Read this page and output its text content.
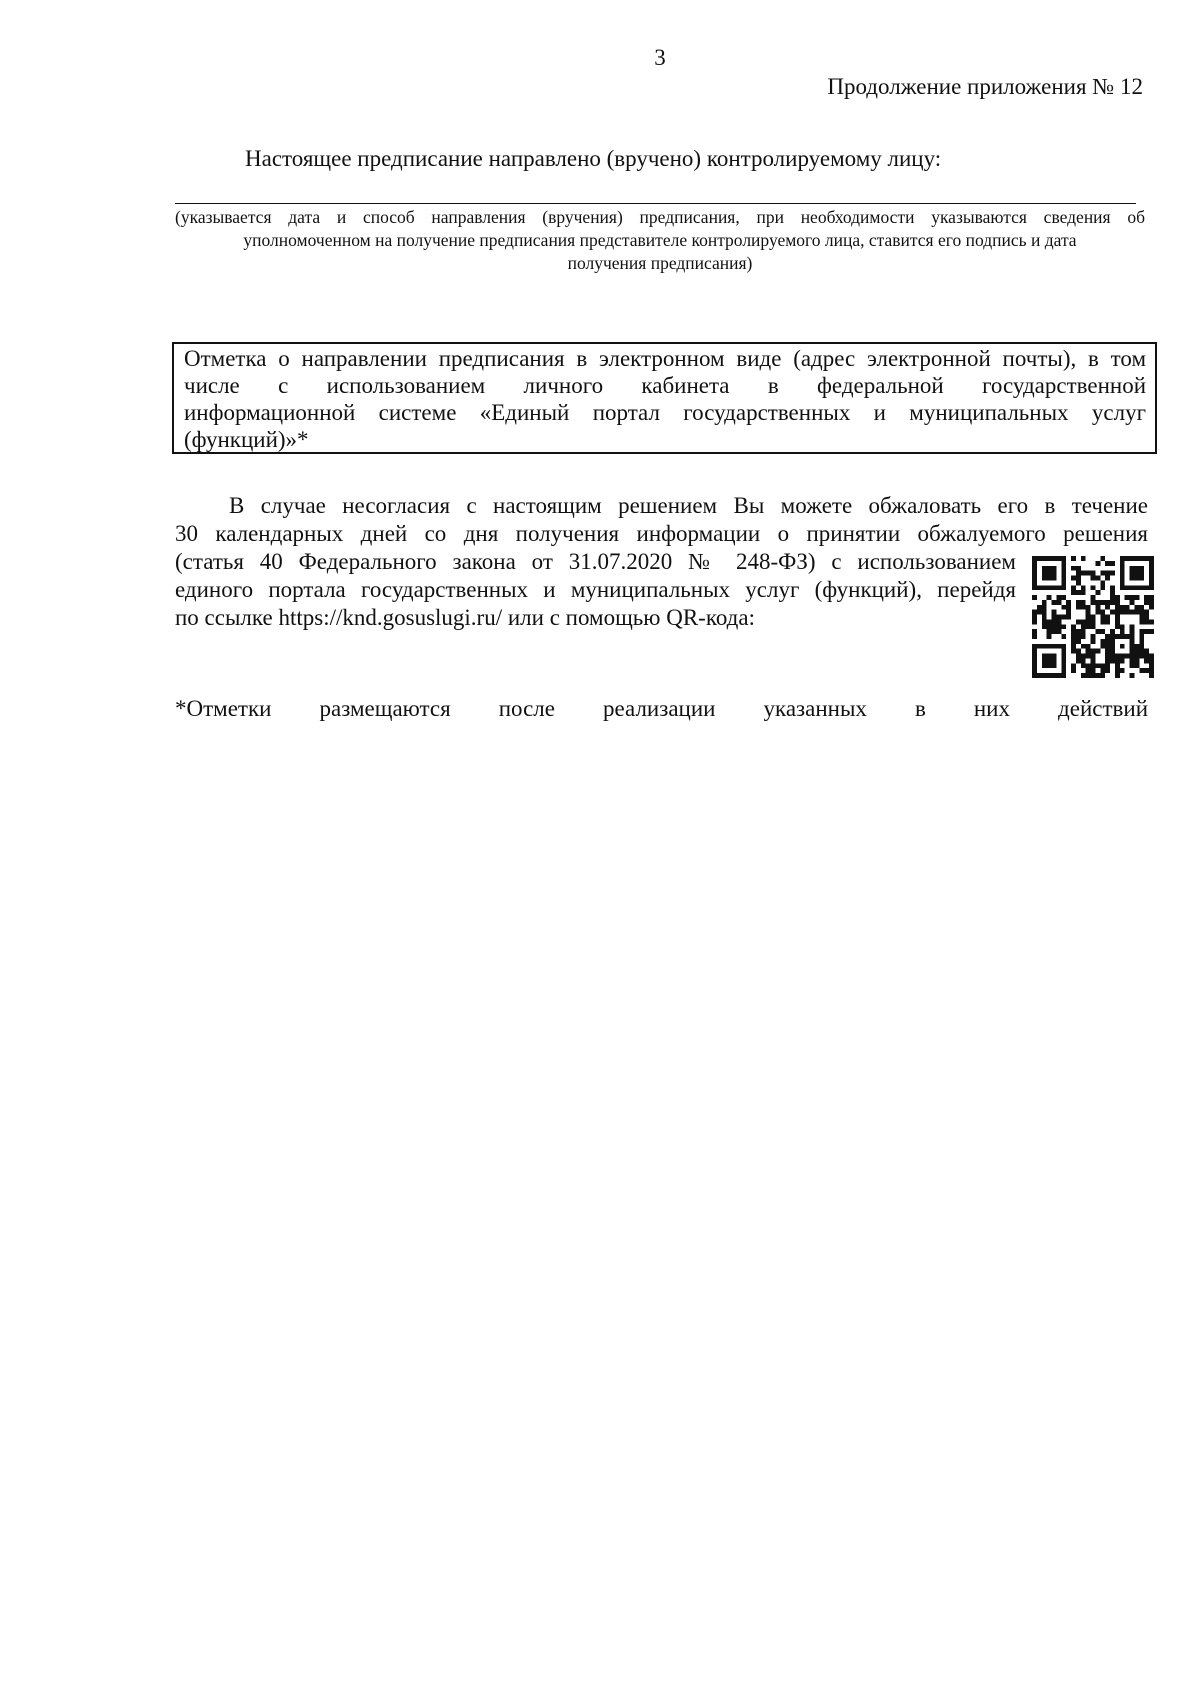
3

Продолжение приложения № 12

Настоящее предписание направлено (вручено) контролируемому лицу:

(указывается дата и способ направления (вручения) предписания, при необходимости указываются сведения об

уполномоченном на получение предписания представителе контролируемого лица, ставится его подпись и дата

получения предписания)

Отметка о направлении предписания в электронном виде (адрес электронной почты), в том

числе с использованием личного кабинета в федеральной государственной

информационной системе «Единый портал государственных и муниципальных услуг

(функций)»*

В случае несогласия с настоящим решением Вы можете обжаловать его в течение

30 календарных дней со дня получения информации о принятии обжалуемого решения

(статья 40 Федерального закона от 31.07.2020 № 248-ФЗ) с использованием

единого портала государственных и муниципальных услуг (функций), перейдя

по ссылке https://knd.gosuslugi.ru/ или с помощью QR-кода:

*Отметки размещаются после реализации указанных в них действий
